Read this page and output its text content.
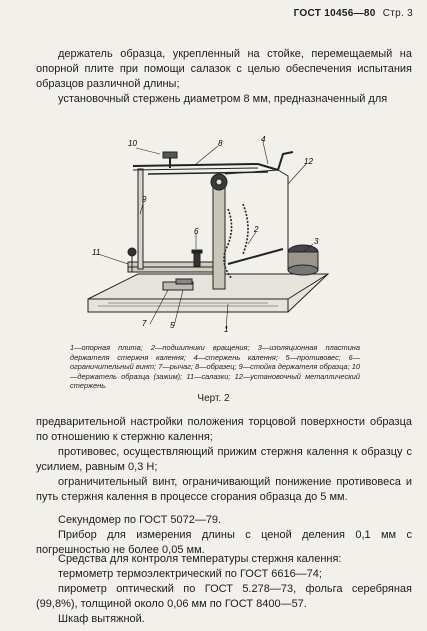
ГОСТ 10456—80 Стр. 3
держатель образца, укрепленный на стойке, перемещаемый на опорной плите при помощи салазок с целью обеспечения испытания образцов различной длины;
установочный стержень диаметром 8 мм, предназначенный для
10	8	4
12
9
6	2
11
3
7	5	1
1—опорная плита; 2—подшипники вращения; 3—изоляционная пластина держателя стержня калення; 4—стержень калення; 5—противовес; 6—ограничительный винт; 7—рычаг; 8—образец; 9—стойка держателя образца; 10—держатель образца (зажим); 11—салазки; 12—установочный металлический стержень.
Черт. 2
предварительной настройки положения торцовой поверхности образца по отношению к стержню калення;
противовес, осуществляющий прижим стержня калення к образцу с усилием, равным 0,3 Н;
ограничительный винт, ограничивающий понижение противовеса и путь стержня калення в процессе сгорания образца до 5 мм.
Секундомер по ГОСТ 5072—79.
Прибор для измерения длины с ценой деления 0,1 мм с погрешностью не более 0,05 мм.
Средства для контроля температуры стержня калення:
термометр термоэлектрический по ГОСТ 6616—74;
пирометр оптический по ГОСТ 5.278—73, фольга серебряная (99,8%), толщиной около 0,06 мм по ГОСТ 8400—57.
Шкаф вытяжной.
